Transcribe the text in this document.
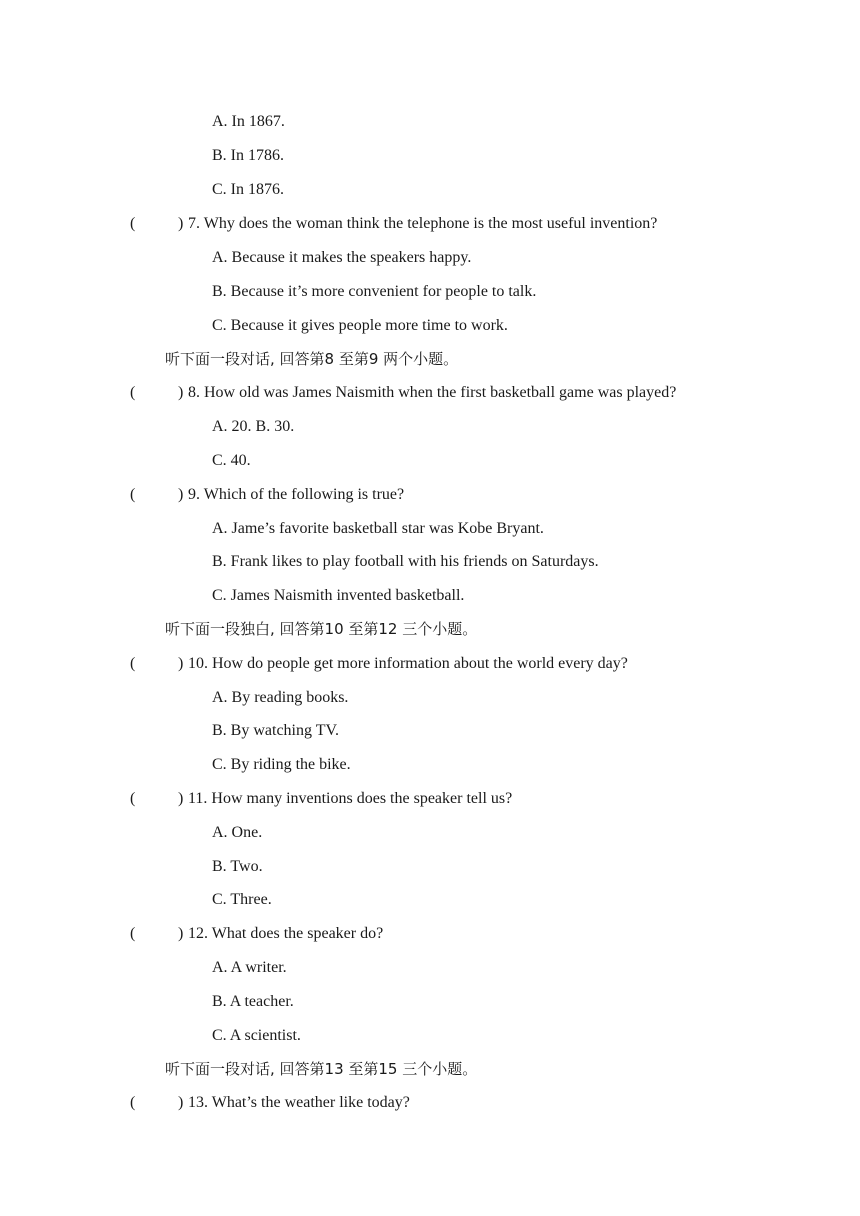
A. In 1867.
B. In 1786.
C. In 1876.
(	) 7. Why does the woman think the telephone is the most useful invention?
A. Because it makes the speakers happy.
B. Because it’s more convenient for people to talk.
C. Because it gives people more time to work.
听下面一段对话, 回答第8 至第9 两个小题。
(	) 8. How old was James Naismith when the first basketball game was played?
A. 20. B. 30.
C. 40.
(	) 9. Which of the following is true?
A. Jame’s favorite basketball star was Kobe Bryant.
B. Frank likes to play football with his friends on Saturdays.
C. James Naismith invented basketball.
听下面一段独白, 回答第10 至第12 三个小题。
(	) 10. How do people get more information about the world every day?
A. By reading books.
B. By watching TV.
C. By riding the bike.
(	) 11. How many inventions does the speaker tell us?
A. One.
B. Two.
C. Three.
(	) 12. What does the speaker do?
A. A writer.
B. A teacher.
C. A scientist.
听下面一段对话, 回答第13 至第15 三个小题。
(	) 13. What’s the weather like today?
